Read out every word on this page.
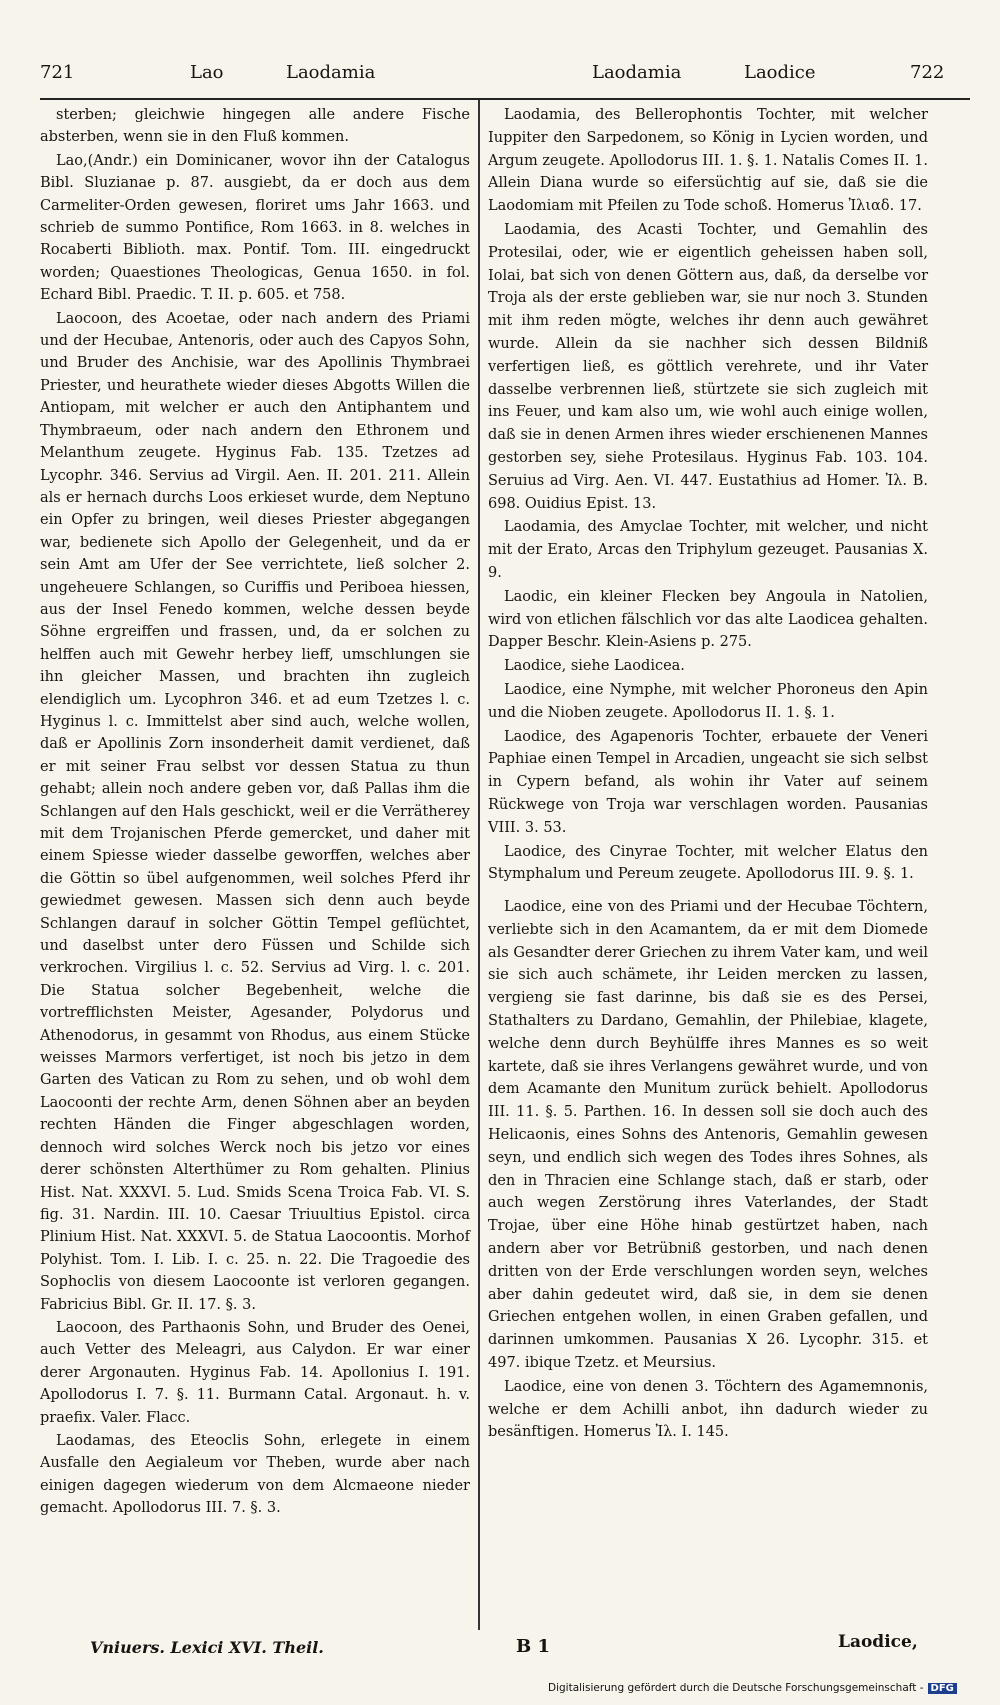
721	Lao	Laodamia	Laodamia	Laodice	722

sterben; gleichwie hingegen alle andere Fische absterben, wenn sie in den Fluß kommen.

Lao,(Andr.) ein Dominicaner, wovor ihn der Catalogus Bibl. Sluzianae p. 87. ausgiebt, da er doch aus dem Carmeliter-Orden gewesen, floriret ums Jahr 1663. und schrieb de summo Pontifice, Rom 1663. in 8. welches in Rocaberti Biblioth. max. Pontif. Tom. III. eingedruckt worden; Quaestiones Theologicas, Genua 1650. in fol. Echard Bibl. Praedic. T. II. p. 605. et 758.

Laocoon, des Acoetae, oder nach andern des Priami und der Hecubae, Antenoris, oder auch des Capyos Sohn, und Bruder des Anchisie, war des Apollinis Thymbraei Priester, und heurathete wieder dieses Abgotts Willen die Antiopam, mit welcher er auch den Antiphantem und Thymbraeum, oder nach andern den Ethronem und Melanthum zeugete. Hyginus Fab. 135. Tzetzes ad Lycophr. 346. Servius ad Virgil. Aen. II. 201. 211. Allein als er hernach durchs Loos erkieset wurde, dem Neptuno ein Opfer zu bringen, weil dieses Priester abgegangen war, bedienete sich Apollo der Gelegenheit, und da er sein Amt am Ufer der See verrichtete, ließ solcher 2. ungeheuere Schlangen, so Curiffis und Periboea hiessen, aus der Insel Fenedo kommen, welche dessen beyde Söhne ergreiffen und frassen, und, da er solchen zu helffen auch mit Gewehr herbey lieff, umschlungen sie ihn gleicher Massen, und brachten ihn zugleich elendiglich um. Lycophron 346. et ad eum Tzetzes l. c. Hyginus l. c. Immittelst aber sind auch, welche wollen, daß er Apollinis Zorn insonderheit damit verdienet, daß er mit seiner Frau selbst vor dessen Statua zu thun gehabt; allein noch andere geben vor, daß Pallas ihm die Schlangen auf den Hals geschickt, weil er die Verrätherey mit dem Trojanischen Pferde gemercket, und daher mit einem Spiesse wieder dasselbe geworffen, welches aber die Göttin so übel aufgenommen, weil solches Pferd ihr gewiedmet gewesen. Massen sich denn auch beyde Schlangen darauf in solcher Göttin Tempel geflüchtet, und daselbst unter dero Füssen und Schilde sich verkrochen. Virgilius l. c. 52. Servius ad Virg. l. c. 201. Die Statua solcher Begebenheit, welche die vortrefflichsten Meister, Agesander, Polydorus und Athenodorus, in gesammt von Rhodus, aus einem Stücke weisses Marmors verfertiget, ist noch bis jetzo in dem Garten des Vatican zu Rom zu sehen, und ob wohl dem Laocoonti der rechte Arm, denen Söhnen aber an beyden rechten Händen die Finger abgeschlagen worden, dennoch wird solches Werck noch bis jetzo vor eines derer schönsten Alterthümer zu Rom gehalten. Plinius Hist. Nat. XXXVI. 5. Lud. Smids Scena Troica Fab. VI. S. fig. 31. Nardin. III. 10. Caesar Triuultius Epistol. circa Plinium Hist. Nat. XXXVI. 5. de Statua Laocoontis. Morhof Polyhist. Tom. I. Lib. I. c. 25. n. 22. Die Tragoedie des Sophoclis von diesem Laocoonte ist verloren gegangen. Fabricius Bibl. Gr. II. 17. §. 3.

Laocoon, des Parthaonis Sohn, und Bruder des Oenei, auch Vetter des Meleagri, aus Calydon. Er war einer derer Argonauten. Hyginus Fab. 14. Apollonius I. 191. Apollodorus I. 7. §. 11. Burmann Catal. Argonaut. h. v. praefix. Valer. Flacc.

Laodamas, des Eteoclis Sohn, erlegete in einem Ausfalle den Aegialeum vor Theben, wurde aber nach einigen dagegen wiederum von dem Alcmaeone nieder gemacht. Apollodorus III. 7. §. 3.

Laodamia, des Bellerophontis Tochter, mit welcher Iuppiter den Sarpedonem, so König in Lycien worden, und Argum zeugete. Apollodorus III. 1. §. 1. Natalis Comes II. 1. Allein Diana wurde so eifersüchtig auf sie, daß sie die Laodomiam mit Pfeilen zu Tode schoß. Homerus Ἰλιαδ. 17.

Laodamia, des Acasti Tochter, und Gemahlin des Protesilai, oder, wie er eigentlich geheissen haben soll, Iolai, bat sich von denen Göttern aus, daß, da derselbe vor Troja als der erste geblieben war, sie nur noch 3. Stunden mit ihm reden mögte, welches ihr denn auch gewähret wurde. Allein da sie nachher sich dessen Bildniß verfertigen ließ, es göttlich verehrete, und ihr Vater dasselbe verbrennen ließ, stürtzete sie sich zugleich mit ins Feuer, und kam also um, wie wohl auch einige wollen, daß sie in denen Armen ihres wieder erschienenen Mannes gestorben sey, siehe Protesilaus. Hyginus Fab. 103. 104. Seruius ad Virg. Aen. VI. 447. Eustathius ad Homer. Ἰλ. B. 698. Ouidius Epist. 13.

Laodamia, des Amyclae Tochter, mit welcher, und nicht mit der Erato, Arcas den Triphylum gezeuget. Pausanias X. 9.

Laodic, ein kleiner Flecken bey Angoula in Natolien, wird von etlichen fälschlich vor das alte Laodicea gehalten. Dapper Beschr. Klein-Asiens p. 275.

Laodice, siehe Laodicea.

Laodice, eine Nymphe, mit welcher Phoroneus den Apin und die Nioben zeugete. Apollodorus II. 1. §. 1.

Laodice, des Agapenoris Tochter, erbauete der Veneri Paphiae einen Tempel in Arcadien, ungeacht sie sich selbst in Cypern befand, als wohin ihr Vater auf seinem Rückwege von Troja war verschlagen worden. Pausanias VIII. 3. 53.

Laodice, des Cinyrae Tochter, mit welcher Elatus den Stymphalum und Pereum zeugete. Apollodorus III. 9. §. 1.

Laodice, eine von des Priami und der Hecubae Töchtern, verliebte sich in den Acamantem, da er mit dem Diomede als Gesandter derer Griechen zu ihrem Vater kam, und weil sie sich auch schämete, ihr Leiden mercken zu lassen, vergieng sie fast darinne, bis daß sie es des Persei, Stathalters zu Dardano, Gemahlin, der Philebiae, klagete, welche denn durch Beyhülffe ihres Mannes es so weit kartete, daß sie ihres Verlangens gewähret wurde, und von dem Acamante den Munitum zurück behielt. Apollodorus III. 11. §. 5. Parthen. 16. In dessen soll sie doch auch des Helicaonis, eines Sohns des Antenoris, Gemahlin gewesen seyn, und endlich sich wegen des Todes ihres Sohnes, als den in Thracien eine Schlange stach, daß er starb, oder auch wegen Zerstörung ihres Vaterlandes, der Stadt Trojae, über eine Höhe hinab gestürtzet haben, nach andern aber vor Betrübniß gestorben, und nach denen dritten von der Erde verschlungen worden seyn, welches aber dahin gedeutet wird, daß sie, in dem sie denen Griechen entgehen wollen, in einen Graben gefallen, und darinnen umkommen. Pausanias X 26. Lycophr. 315. et 497. ibique Tzetz. et Meursius.

Laodice, eine von denen 3. Töchtern des Agamemnonis, welche er dem Achilli anbot, ihn dadurch wieder zu besänftigen. Homerus Ἰλ. I. 145.

Vniuers. Lexici XVI. Theil.	B 1	Laodice,
Digitalisierung gefördert durch die Deutsche Forschungsgemeinschaft - DFG
